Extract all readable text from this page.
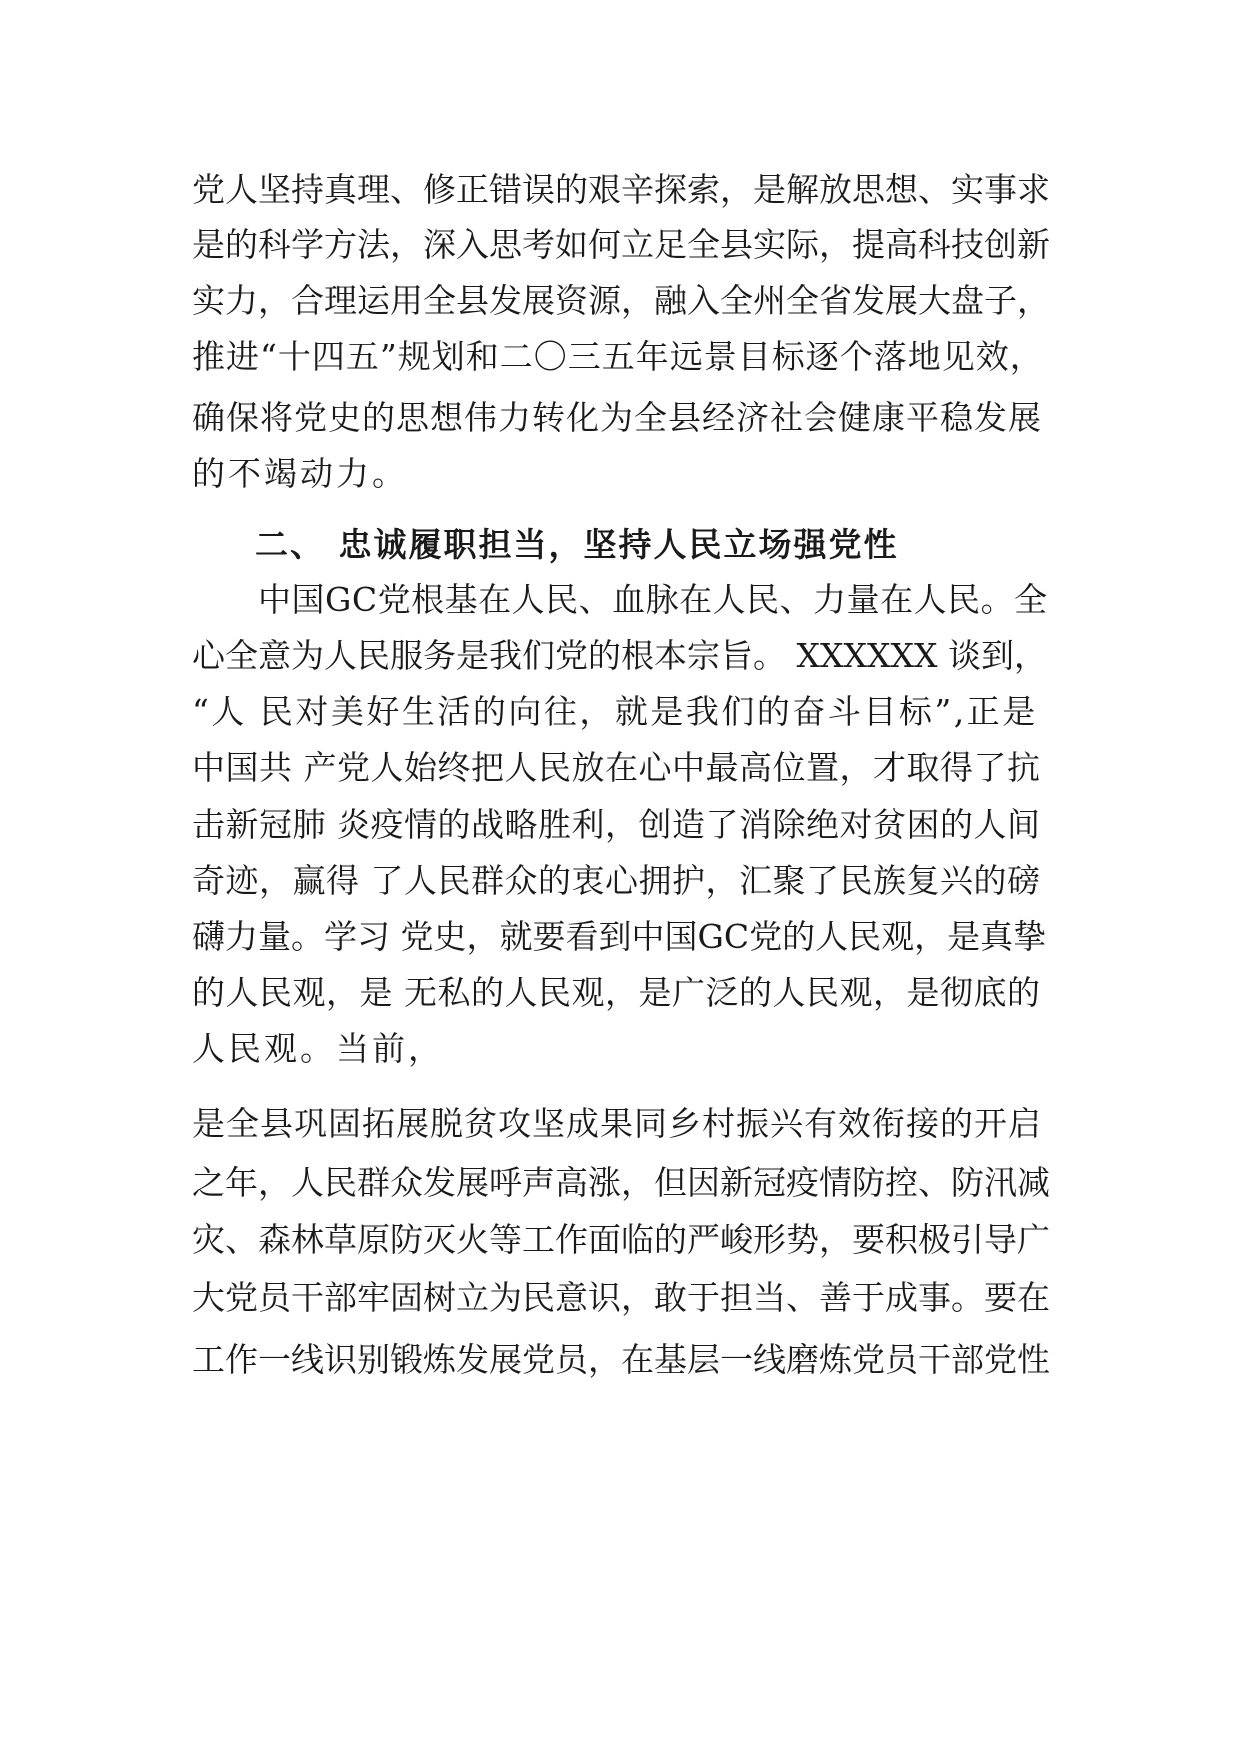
党人坚持真理、修正错误的艰辛探索，是解放思想、实事求
是的科学方法，深入思考如何立足全县实际，提高科技创新
实力，合理运用全县发展资源，融入全州全省发展大盘子，
推进“十四五”规划和二〇三五年远景目标逐个落地见效，
确保将党史的思想伟力转化为全县经济社会健康平稳发展
的不竭动力。
二、 忠诚履职担当，坚持人民立场强党性
中国GC党根基在人民、血脉在人民、力量在人民。全
心全意为人民服务是我们党的根本宗旨。 XXXXXX 谈到，
“人 民对美好生活的向往，就是我们的奋斗目标”,正是
中国共 产党人始终把人民放在心中最高位置，才取得了抗
击新冠肺 炎疫情的战略胜利，创造了消除绝对贫困的人间
奇迹，赢得 了人民群众的衷心拥护，汇聚了民族复兴的磅
礴力量。学习 党史，就要看到中国GC党的人民观，是真挚
的人民观，是 无私的人民观，是广泛的人民观，是彻底的
人民观。当前，
是全县巩固拓展脱贫攻坚成果同乡村振兴有效衔接的开启
之年，人民群众发展呼声高涨，但因新冠疫情防控、防汛减
灾、森林草原防灭火等工作面临的严峻形势，要积极引导广
大党员干部牢固树立为民意识，敢于担当、善于成事。要在
工作一线识别锻炼发展党员，在基层一线磨炼党员干部党性
